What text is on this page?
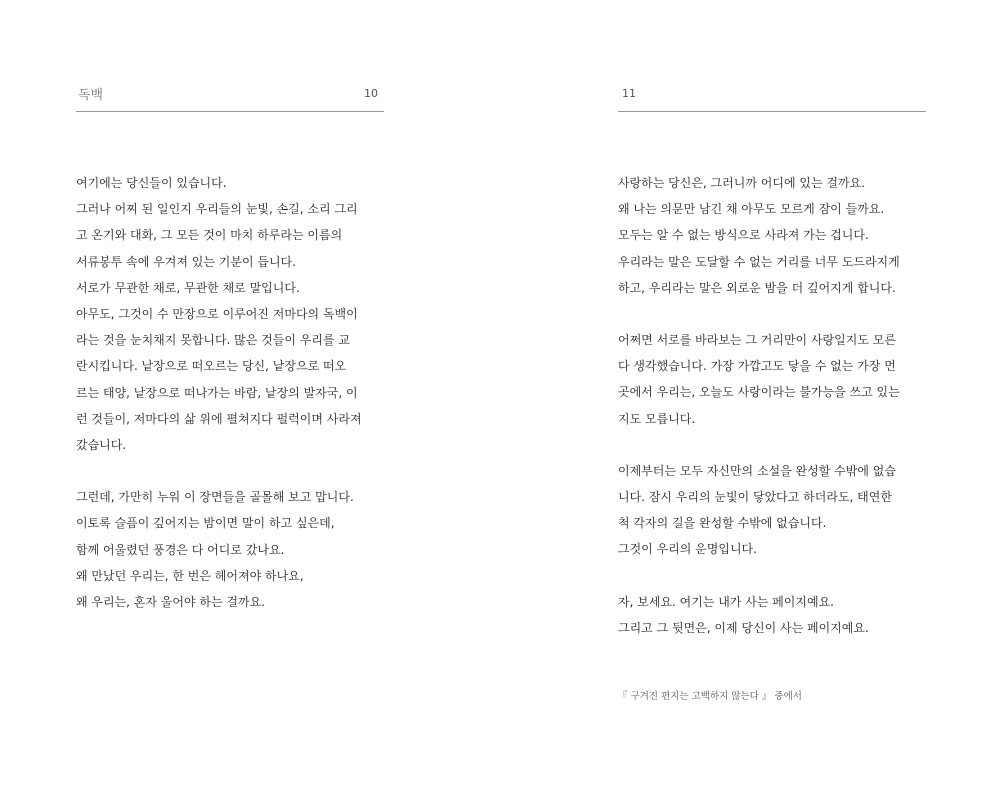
독백	10
여기에는 당신들이 있습니다.
그러나 어찌 된 일인지 우리들의 눈빛, 손길, 소리 그리
고 온기와 대화, 그 모든 것이 마치 하루라는 이름의
서류봉투 속에 우겨져 있는 기분이 듭니다.
서로가 무관한 채로, 무관한 채로 말입니다.
아무도, 그것이 수 만장으로 이루어진 저마다의 독백이
라는 것을 눈치채지 못합니다. 많은 것들이 우리를 교
란시킵니다. 낱장으로 떠오르는 당신, 낱장으로 떠오
르는 태양, 낱장으로 떠나가는 바람, 낱장의 발자국, 이
런 것들이, 저마다의 삶 위에 펼쳐지다 펄럭이며 사라져
갔습니다.
그런데, 가만히 누워 이 장면들을 골몰해 보고 맙니다.
이토록 슬픔이 깊어지는 밤이면 말이 하고 싶은데,
함께 어울렸던 풍경은 다 어디로 갔나요.
왜 만났던 우리는, 한 번은 헤어져야 하나요,
왜 우리는, 혼자 울어야 하는 걸까요.
11
사랑하는 당신은, 그러니까 어디에 있는 걸까요.
왜 나는 의문만 남긴 채 아무도 모르게 잠이 들까요.
모두는 알 수 없는 방식으로 사라져 가는 겁니다.
우리라는 말은 도달할 수 없는 거리를 너무 도드라지게
하고, 우리라는 말은 외로운 밤을 더 깊어지게 합니다.
어쩌면 서로를 바라보는 그 거리만이 사랑일지도 모른
다 생각했습니다. 가장 가깝고도 닿을 수 없는 가장 먼
곳에서 우리는, 오늘도 사랑이라는 불가능을 쓰고 있는
지도 모릅니다.
이제부터는 모두 자신만의 소설을 완성할 수밖에 없습
니다. 잠시 우리의 눈빛이 닿았다고 하더라도, 태연한
척 각자의 길을 완성할 수밖에 없습니다.
그것이 우리의 운명입니다.
자, 보세요. 여기는 내가 사는 페이지예요.
그리고 그 뒷면은, 이제 당신이 사는 페이지예요.
『 구겨진 편지는 고백하지 않는다 』 중에서
